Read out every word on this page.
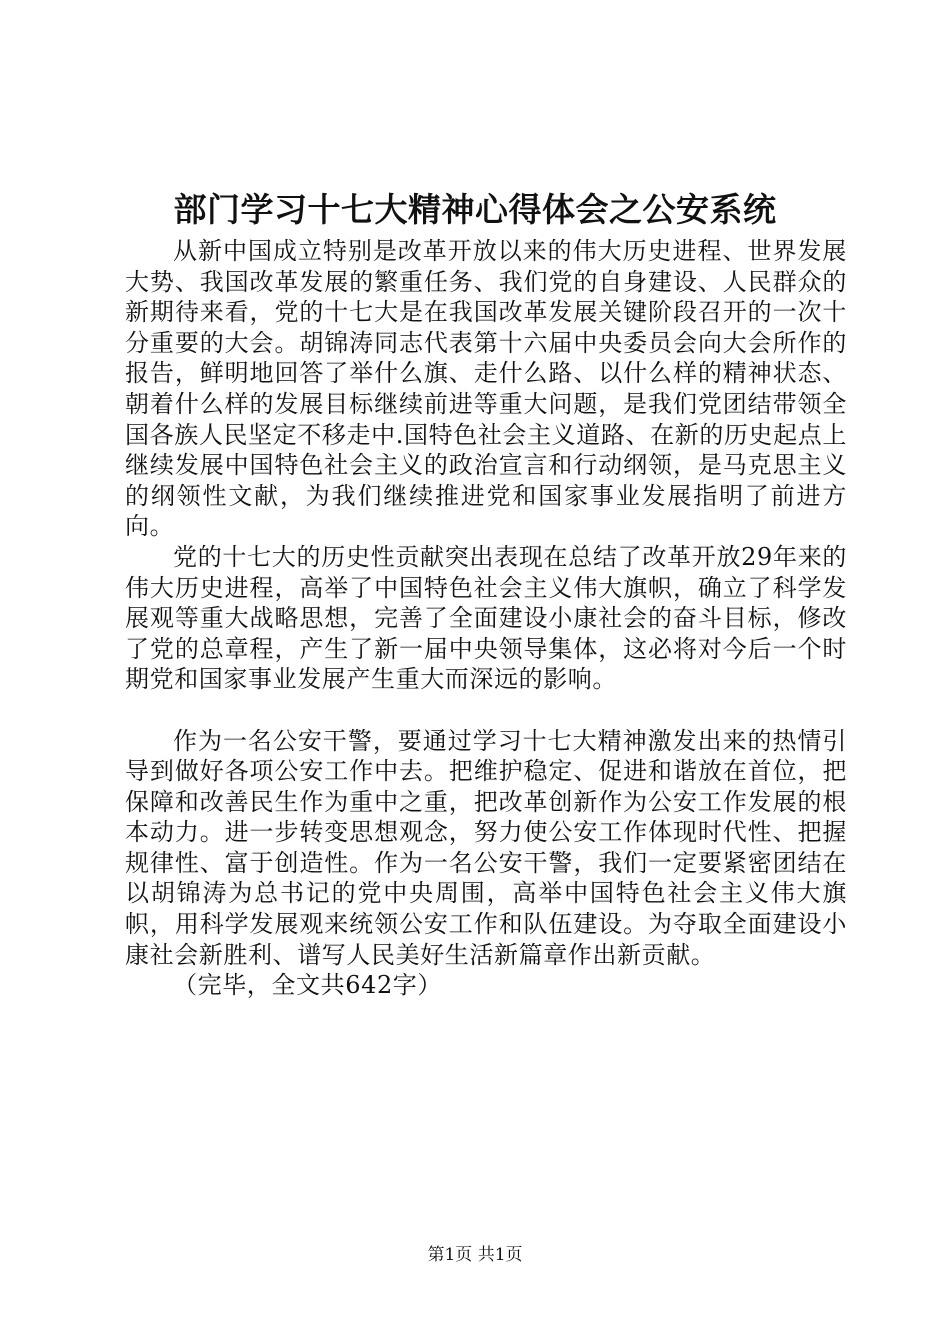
部门学习十七大精神心得体会之公安系统

从新中国成立特别是改革开放以来的伟大历史进程、世界发展大势、我国改革发展的繁重任务、我们党的自身建设、人民群众的新期待来看，党的十七大是在我国改革发展关键阶段召开的一次十分重要的大会。胡锦涛同志代表第十六届中央委员会向大会所作的报告，鲜明地回答了举什么旗、走什么路、以什么样的精神状态、朝着什么样的发展目标继续前进等重大问题，是我们党团结带领全国各族人民坚定不移走中.国特色社会主义道路、在新的历史起点上继续发展中国特色社会主义的政治宣言和行动纲领，是马克思主义的纲领性文献，为我们继续推进党和国家事业发展指明了前进方向。

党的十七大的历史性贡献突出表现在总结了改革开放29年来的伟大历史进程，高举了中国特色社会主义伟大旗帜，确立了科学发展观等重大战略思想，完善了全面建设小康社会的奋斗目标，修改了党的总章程，产生了新一届中央领导集体，这必将对今后一个时期党和国家事业发展产生重大而深远的影响。

作为一名公安干警，要通过学习十七大精神激发出来的热情引导到做好各项公安工作中去。把维护稳定、促进和谐放在首位，把保障和改善民生作为重中之重，把改革创新作为公安工作发展的根本动力。进一步转变思想观念，努力使公安工作体现时代性、把握规律性、富于创造性。作为一名公安干警，我们一定要紧密团结在以胡锦涛为总书记的党中央周围，高举中国特色社会主义伟大旗帜，用科学发展观来统领公安工作和队伍建设。为夺取全面建设小康社会新胜利、谱写人民美好生活新篇章作出新贡献。

（完毕，全文共642字）

第1页 共1页
